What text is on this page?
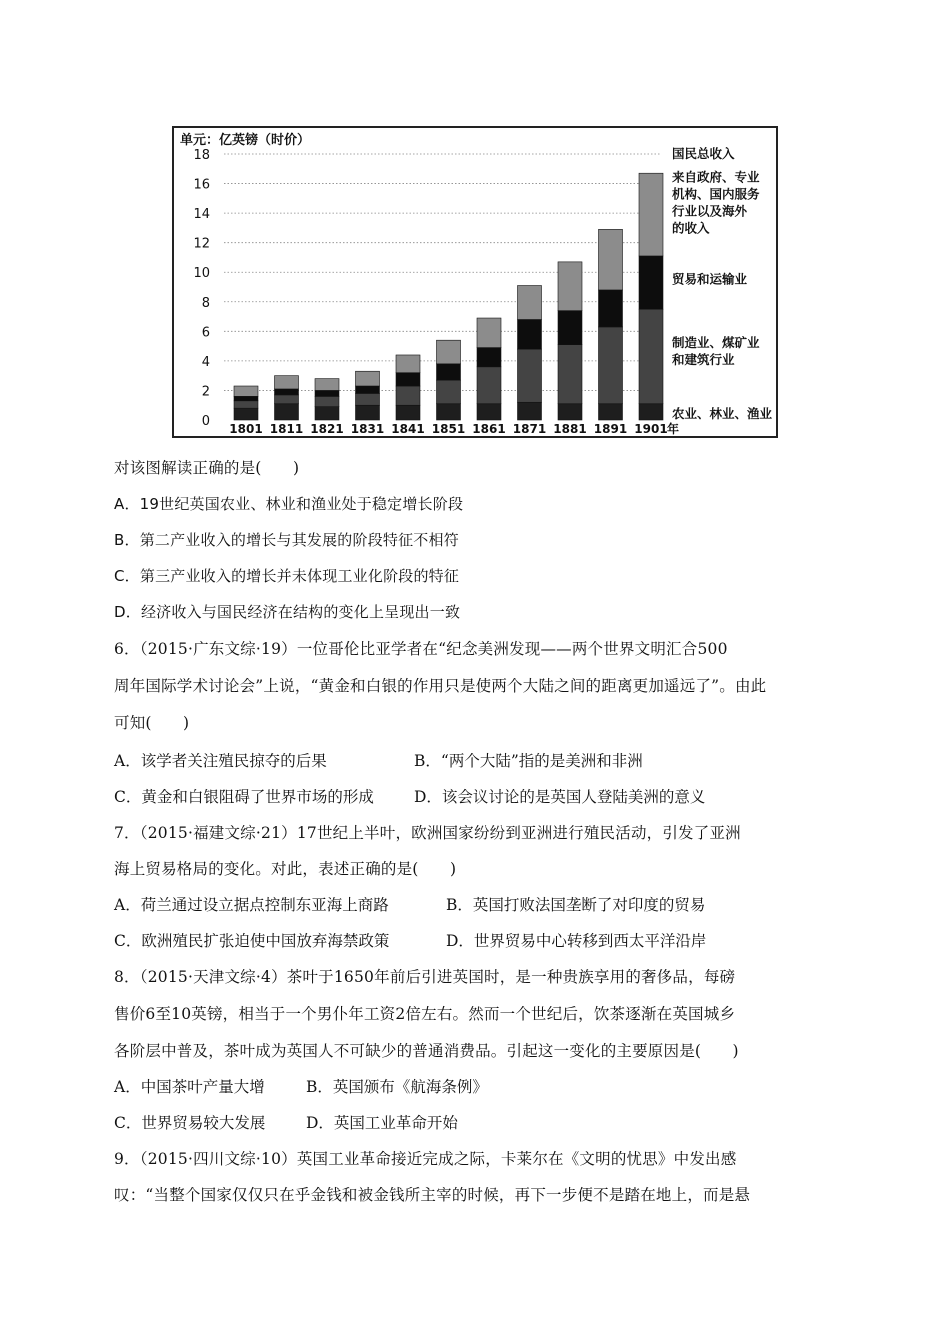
单元：亿英镑（时价）
0
2
4
6
8
10
12
14
16
18
1801 1811 1821 1831 1841 1851 1861 1871 1881 1891 1901 年
国民总收入
来自政府、专业
机构、国内服务
行业以及海外
的收入
贸易和运输业
制造业、煤矿业
和建筑行业
农业、林业、渔业
对该图解读正确的是(　　)
A．19世纪英国农业、林业和渔业处于稳定增长阶段
B．第二产业收入的增长与其发展的阶段特征不相符
C．第三产业收入的增长并未体现工业化阶段的特征
D．经济收入与国民经济在结构的变化上呈现出一致
6．（2015·广东文综·19）一位哥伦比亚学者在“纪念美洲发现——两个世界文明汇合500
周年国际学术讨论会”上说，“黄金和白银的作用只是使两个大陆之间的距离更加遥远了”。由此
可知(　　)
A．该学者关注殖民掠夺的后果	B．“两个大陆”指的是美洲和非洲
C．黄金和白银阻碍了世界市场的形成	D．该会议讨论的是英国人登陆美洲的意义
7．（2015·福建文综·21）17世纪上半叶，欧洲国家纷纷到亚洲进行殖民活动，引发了亚洲
海上贸易格局的变化。对此，表述正确的是(　　)
A．荷兰通过设立据点控制东亚海上商路	B．英国打败法国垄断了对印度的贸易
C．欧洲殖民扩张迫使中国放弃海禁政策	D．世界贸易中心转移到西太平洋沿岸
8．（2015·天津文综·4）茶叶于1650年前后引进英国时，是一种贵族享用的奢侈品，每磅
售价6至10英镑，相当于一个男仆年工资2倍左右。然而一个世纪后，饮茶逐渐在英国城乡
各阶层中普及，茶叶成为英国人不可缺少的普通消费品。引起这一变化的主要原因是(　　)
A．中国茶叶产量大增	B．英国颁布《航海条例》
C．世界贸易较大发展	D．英国工业革命开始
9．（2015·四川文综·10）英国工业革命接近完成之际，卡莱尔在《文明的忧思》中发出感
叹：“当整个国家仅仅只在乎金钱和被金钱所主宰的时候，再下一步便不是踏在地上，而是悬
